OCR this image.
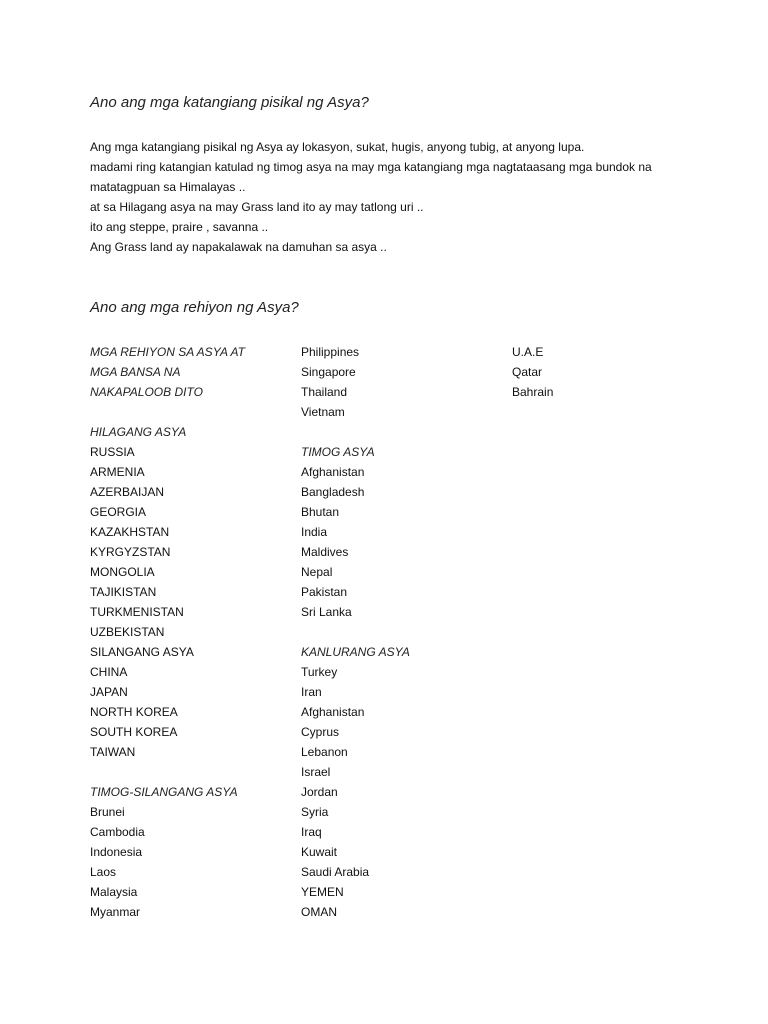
Ano ang mga katangiang pisikal ng Asya?
Ang mga katangiang pisikal ng Asya ay lokasyon, sukat, hugis, anyong tubig, at anyong lupa.
madami ring katangian katulad ng timog asya na may mga katangiang mga nagtataasang mga bundok na
matatagpuan sa Himalayas ..
at sa Hilagang asya na may Grass land ito ay may tatlong uri ..
ito ang steppe, praire , savanna ..
Ang Grass land ay napakalawak na damuhan sa asya ..
Ano ang mga rehiyon ng Asya?
MGA REHIYON SA ASYA AT
MGA BANSA NA
NAKAPALOOB DITO
HILAGANG ASYA
RUSSIA
ARMENIA
AZERBAIJAN
GEORGIA
KAZAKHSTAN
KYRGYZSTAN
MONGOLIA
TAJIKISTAN
TURKMENISTAN
UZBEKISTAN
SILANGANG ASYA
CHINA
JAPAN
NORTH KOREA
SOUTH KOREA
TAIWAN
TIMOG-SILANGANG ASYA
Brunei
Cambodia
Indonesia
Laos
Malaysia
Myanmar
Philippines
Singapore
Thailand
Vietnam
TIMOG ASYA
Afghanistan
Bangladesh
Bhutan
India
Maldives
Nepal
Pakistan
Sri Lanka
KANLURANG ASYA
Turkey
Iran
Afghanistan
Cyprus
Lebanon
Israel
Jordan
Syria
Iraq
Kuwait
Saudi Arabia
YEMEN
OMAN
U.A.E
Qatar
Bahrain
